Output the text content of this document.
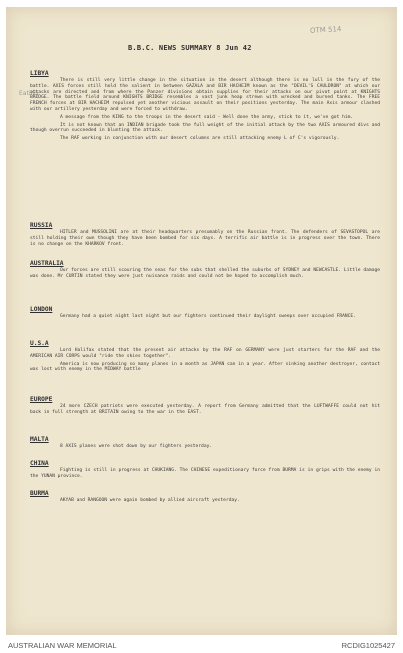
OTM 514
Eating
B.B.C. NEWS SUMMARY 8 Jun 42
LIBYA

There is still very little change in the situation in the desert although there is no lull in the fury of the battle. AXIS forces still hold the salient in between GAZALA and BIR HACHEIM known as the "DEVIL'S CAULDRON" at which our attacks are directed and from where the Panzer divisions obtain supplies for their attacks on our pivot point at KNIGHTS BRIDGE. The battle field around KNIGHTS BRIDGE resembles a vast junk heap strewn with wrecked and burned tanks. The FREE FRENCH forces at BIR HACHEIM repulsed yet another vicious assault on their positions yesterday. The main Axis armour clashed with our artillery yesterday and were forced to withdraw.

A message from the KING to the troops in the desert said - Well done the army, stick to it, we've got him.

It is not known that an INDIAN brigade took the full weight of the initial attack by the two AXIS armoured divs and though overrun succeeded in blunting the attack.

The RAF working in conjunction with our desert columns are still attacking enemy L of C's vigorously.

RUSSIA

HITLER and MUSSOLINI are at their headquarters presumably on the Russian front. The defenders of SEVASTOPOL are still holding their own though they have been bombed for six days. A terrific air battle is in progress over the town. There is no change on the KHARKOV front.

AUSTRALIA

Our forces are still scouring the seas for the subs that shelled the suburbs of SYDNEY and NEWCASTLE. Little damage was done. Mr CURTIN stated they were just nuisance raids and could not be hoped to accomplish much.

LONDON

Germany had a quiet night last night but our fighters continued their daylight sweeps over occupied FRANCE.

U.S.A

Lord Halifax stated that the present air attacks by the RAF on GERMANY were just starters for the RAF and the AMERICAN AIR CORPS would "ride the skies together".

America is now producing so many planes in a month as JAPAN can in a year. After sinking another destroyer, contact was lost with enemy in the MIDWAY battle

EUROPE

24 more CZECH patriots were executed yesterday. A report from Germany admitted that the LUFTWAFFE could not hit back in full strength at BRITAIN owing to the war in the EAST.

MALTA

8 AXIS planes were shot down by our fighters yesterday.

CHINA

Fighting is still in progress at CHUKIANG. The CHINESE expeditionary force from BURMA is in grips with the enemy in the YUNAN province.

BURMA

AKYAB and RANGOON were again bombed by allied aircraft yesterday.

AUSTRALIAN WAR MEMORIAL	RCDIG1025427
